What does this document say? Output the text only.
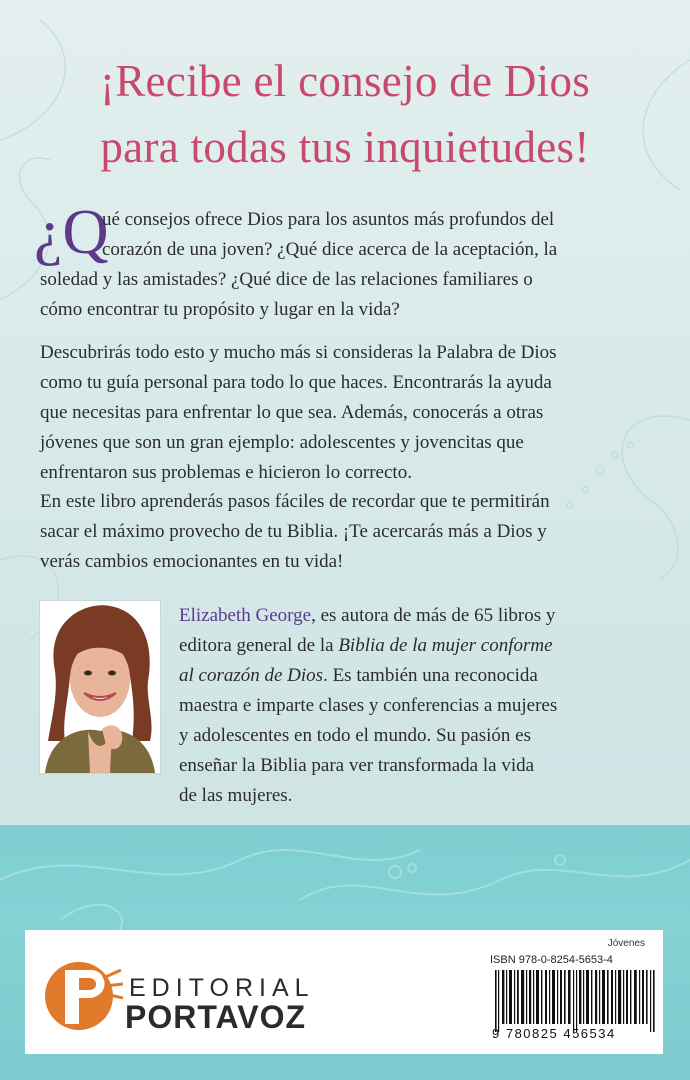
¡Recibe el consejo de Dios
para todas tus inquietudes!
¿Q
ué consejos ofrece Dios para los asuntos más profundos del
corazón de una joven? ¿Qué dice acerca de la aceptación, la
soledad y las amistades? ¿Qué dice de las relaciones familiares o
cómo encontrar tu propósito y lugar en la vida?
Descubrirás todo esto y mucho más si consideras la Palabra de Dios
como tu guía personal para todo lo que haces. Encontrarás la ayuda
que necesitas para enfrentar lo que sea. Además, conocerás a otras
jóvenes que son un gran ejemplo: adolescentes y jovencitas que
enfrentaron sus problemas e hicieron lo correcto.
En este libro aprenderás pasos fáciles de recordar que te permitirán
sacar el máximo provecho de tu Biblia. ¡Te acercarás más a Dios y
verás cambios emocionantes en tu vida!
Elizabeth George, es autora de más de 65 libros y
editora general de la Biblia de la mujer conforme
al corazón de Dios. Es también una reconocida
maestra e imparte clases y conferencias a mujeres
y adolescentes en todo el mundo. Su pasión es
enseñar la Biblia para ver transformada la vida
de las mujeres.
EDITORIAL
PORTAVOZ
Jóvenes
ISBN 978-0-8254-5653-4
9 780825 456534
